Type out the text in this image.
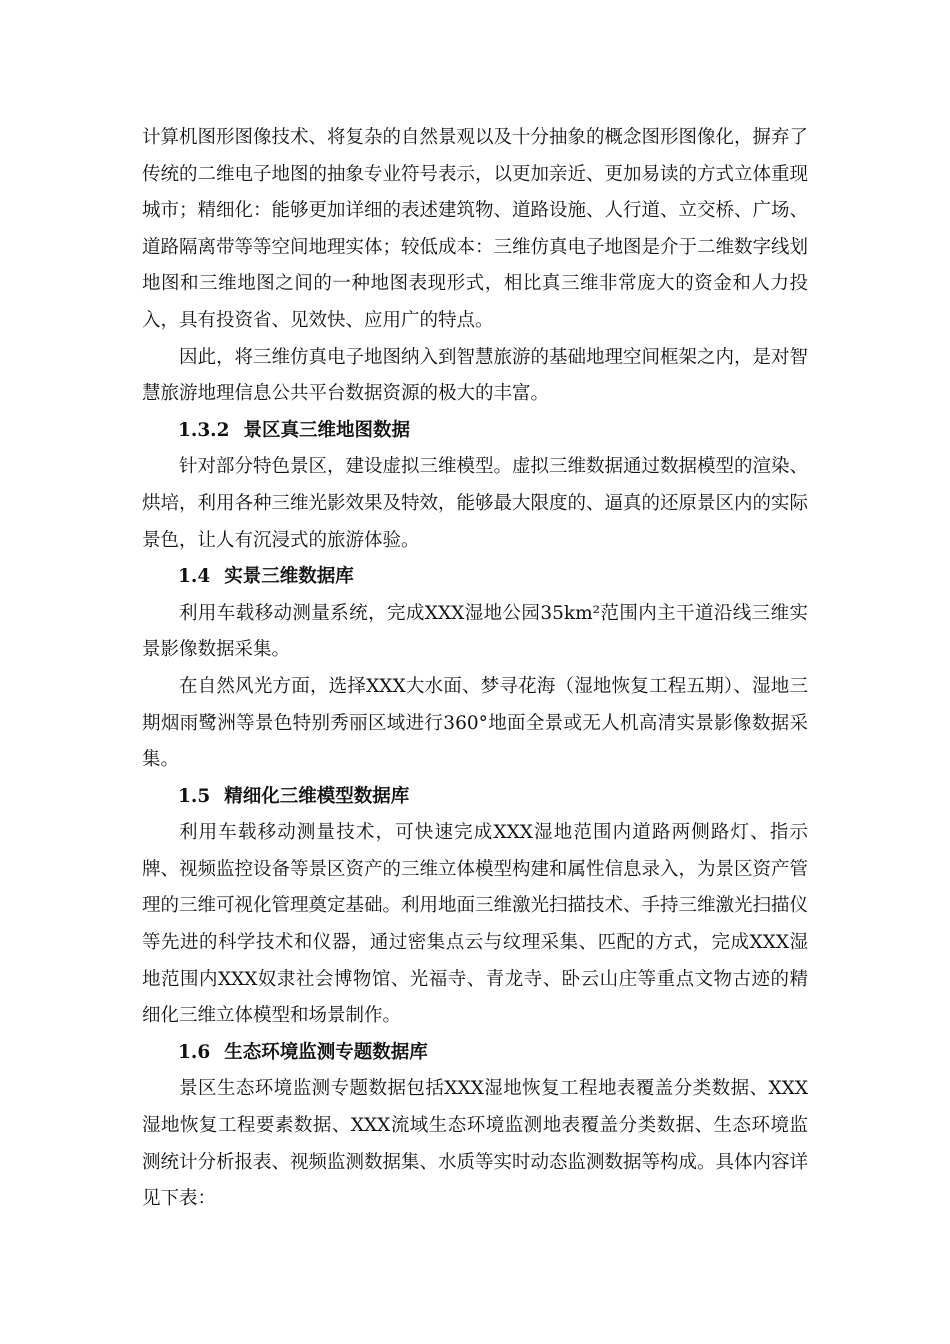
计算机图形图像技术、将复杂的自然景观以及十分抽象的概念图形图像化，摒弃了传统的二维电子地图的抽象专业符号表示，以更加亲近、更加易读的方式立体重现城市；精细化：能够更加详细的表述建筑物、道路设施、人行道、立交桥、广场、道路隔离带等等空间地理实体；较低成本：三维仿真电子地图是介于二维数字线划地图和三维地图之间的一种地图表现形式，相比真三维非常庞大的资金和人力投入，具有投资省、见效快、应用广的特点。

因此，将三维仿真电子地图纳入到智慧旅游的基础地理空间框架之内，是对智慧旅游地理信息公共平台数据资源的极大的丰富。

1.3.2 景区真三维地图数据

针对部分特色景区，建设虚拟三维模型。虚拟三维数据通过数据模型的渲染、烘培，利用各种三维光影效果及特效，能够最大限度的、逼真的还原景区内的实际景色，让人有沉浸式的旅游体验。

1.4 实景三维数据库

利用车载移动测量系统，完成XXX湿地公园35km²范围内主干道沿线三维实景影像数据采集。

在自然风光方面，选择XXX大水面、梦寻花海（湿地恢复工程五期）、湿地三期烟雨鹭洲等景色特别秀丽区域进行360°地面全景或无人机高清实景影像数据采集。

1.5 精细化三维模型数据库

利用车载移动测量技术，可快速完成XXX湿地范围内道路两侧路灯、指示牌、视频监控设备等景区资产的三维立体模型构建和属性信息录入，为景区资产管理的三维可视化管理奠定基础。利用地面三维激光扫描技术、手持三维激光扫描仪等先进的科学技术和仪器，通过密集点云与纹理采集、匹配的方式，完成XXX湿地范围内XXX奴隶社会博物馆、光福寺、青龙寺、卧云山庄等重点文物古迹的精细化三维立体模型和场景制作。

1.6 生态环境监测专题数据库

景区生态环境监测专题数据包括XXX湿地恢复工程地表覆盖分类数据、XXX湿地恢复工程要素数据、XXX流域生态环境监测地表覆盖分类数据、生态环境监测统计分析报表、视频监测数据集、水质等实时动态监测数据等构成。具体内容详见下表：
